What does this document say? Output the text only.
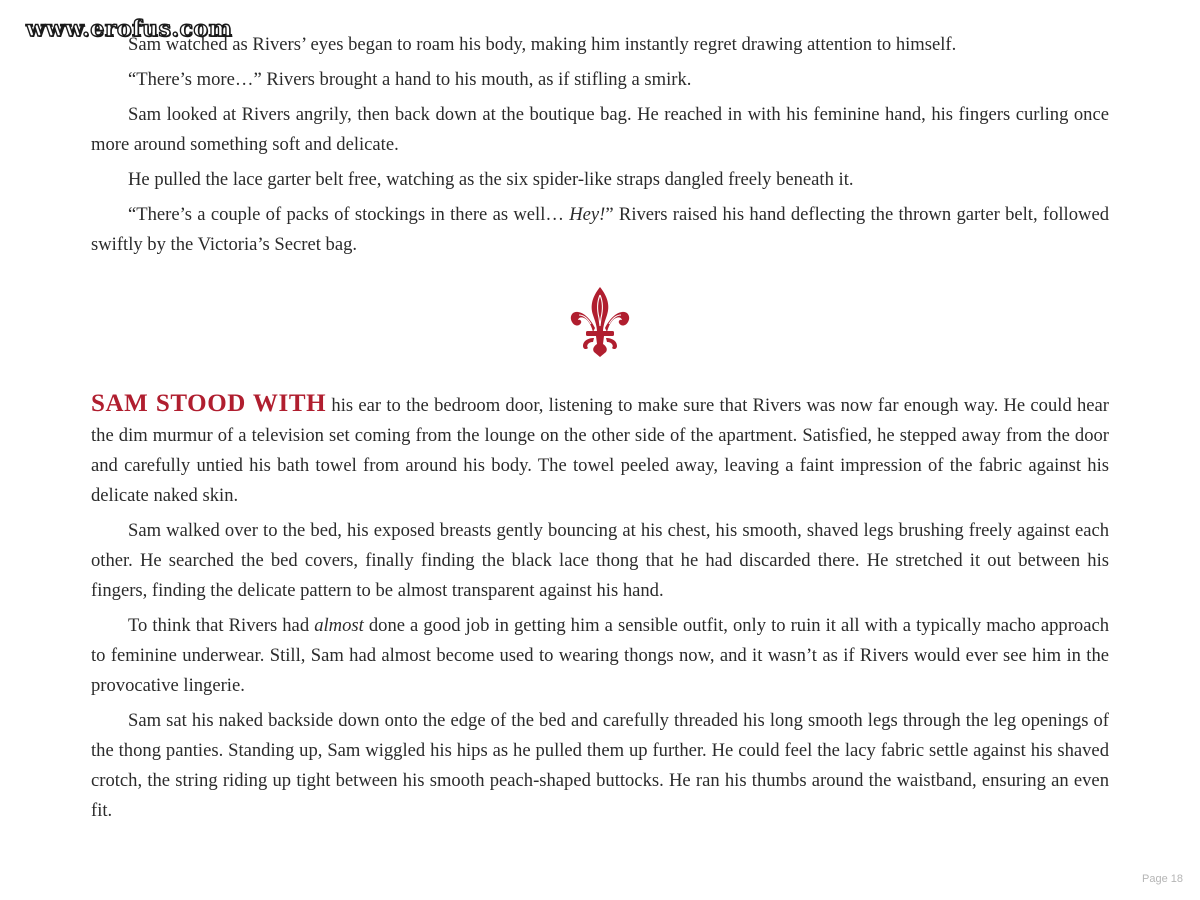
www.erofus.com

Sam watched as Rivers’ eyes began to roam his body, making him instantly regret drawing attention to himself.

“There’s more…” Rivers brought a hand to his mouth, as if stifling a smirk.

Sam looked at Rivers angrily, then back down at the boutique bag. He reached in with his feminine hand, his fingers curling once more around something soft and delicate.

He pulled the lace garter belt free, watching as the six spider-like straps dangled freely beneath it.

“There’s a couple of packs of stockings in there as well… Hey!” Rivers raised his hand deflecting the thrown garter belt, followed swiftly by the Victoria’s Secret bag.

SAM STOOD WITH his ear to the bedroom door, listening to make sure that Rivers was now far enough way. He could hear the dim murmur of a television set coming from the lounge on the other side of the apartment. Satisfied, he stepped away from the door and carefully untied his bath towel from around his body. The towel peeled away, leaving a faint impression of the fabric against his delicate naked skin.

Sam walked over to the bed, his exposed breasts gently bouncing at his chest, his smooth, shaved legs brushing freely against each other. He searched the bed covers, finally finding the black lace thong that he had discarded there. He stretched it out between his fingers, finding the delicate pattern to be almost transparent against his hand.

To think that Rivers had almost done a good job in getting him a sensible outfit, only to ruin it all with a typically macho approach to feminine underwear. Still, Sam had almost become used to wearing thongs now, and it wasn’t as if Rivers would ever see him in the provocative lingerie.

Sam sat his naked backside down onto the edge of the bed and carefully threaded his long smooth legs through the leg openings of the thong panties. Standing up, Sam wiggled his hips as he pulled them up further. He could feel the lacy fabric settle against his shaved crotch, the string riding up tight between his smooth peach-shaped buttocks. He ran his thumbs around the waistband, ensuring an even fit.

Page 18
